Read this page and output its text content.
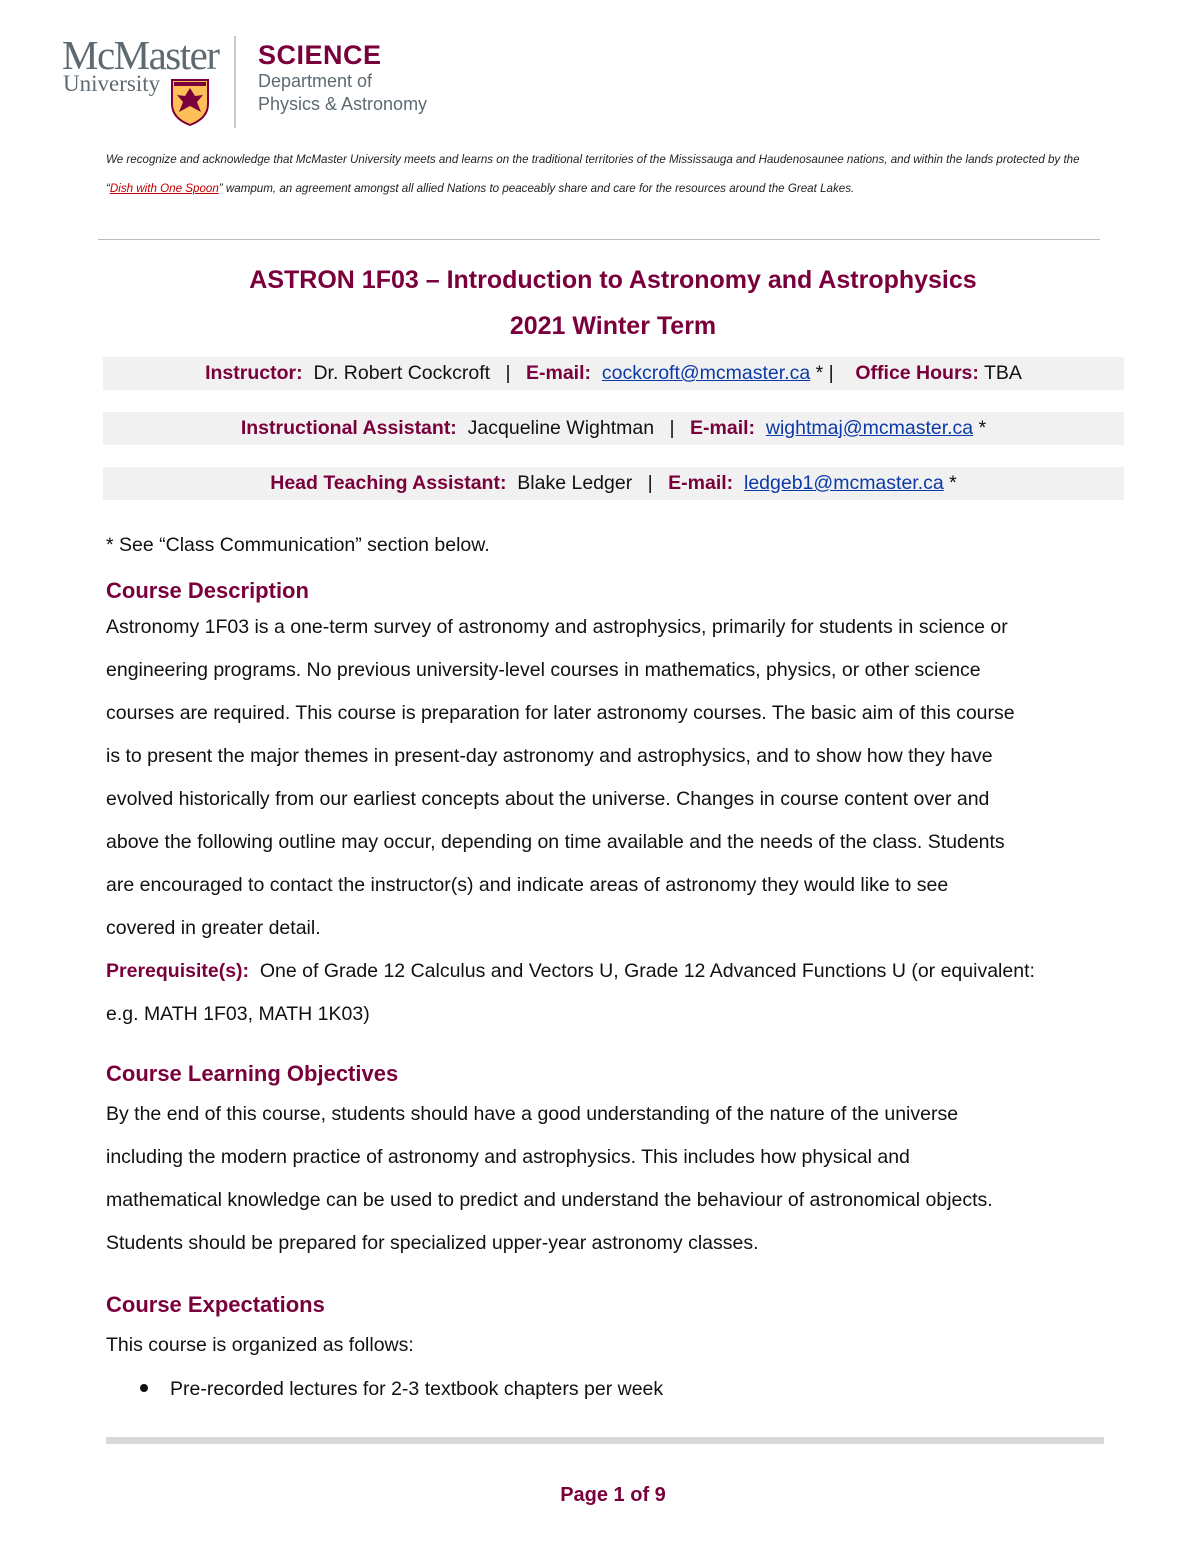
McMaster
University
SCIENCE
Department of
Physics & Astronomy
We recognize and acknowledge that McMaster University meets and learns on the traditional territories of the Mississauga and Haudenosaunee nations, and within the lands protected by the “Dish with One Spoon” wampum, an agreement amongst all allied Nations to peaceably share and care for the resources around the Great Lakes.
ASTRON 1F03 – Introduction to Astronomy and Astrophysics
2021 Winter Term
Instructor: Dr. Robert Cockcroft | E-mail: cockcroft@mcmaster.ca * | Office Hours: TBA
Instructional Assistant: Jacqueline Wightman | E-mail: wightmaj@mcmaster.ca *
Head Teaching Assistant: Blake Ledger | E-mail: ledgeb1@mcmaster.ca *
* See “Class Communication” section below.
Course Description
Astronomy 1F03 is a one-term survey of astronomy and astrophysics, primarily for students in science or
engineering programs. No previous university-level courses in mathematics, physics, or other science
courses are required. This course is preparation for later astronomy courses. The basic aim of this course
is to present the major themes in present-day astronomy and astrophysics, and to show how they have
evolved historically from our earliest concepts about the universe. Changes in course content over and
above the following outline may occur, depending on time available and the needs of the class. Students
are encouraged to contact the instructor(s) and indicate areas of astronomy they would like to see
covered in greater detail.
Prerequisite(s): One of Grade 12 Calculus and Vectors U, Grade 12 Advanced Functions U (or equivalent:
e.g. MATH 1F03, MATH 1K03)
Course Learning Objectives
By the end of this course, students should have a good understanding of the nature of the universe
including the modern practice of astronomy and astrophysics. This includes how physical and
mathematical knowledge can be used to predict and understand the behaviour of astronomical objects.
Students should be prepared for specialized upper-year astronomy classes.
Course Expectations
This course is organized as follows:
Pre-recorded lectures for 2-3 textbook chapters per week
Page 1 of 9
